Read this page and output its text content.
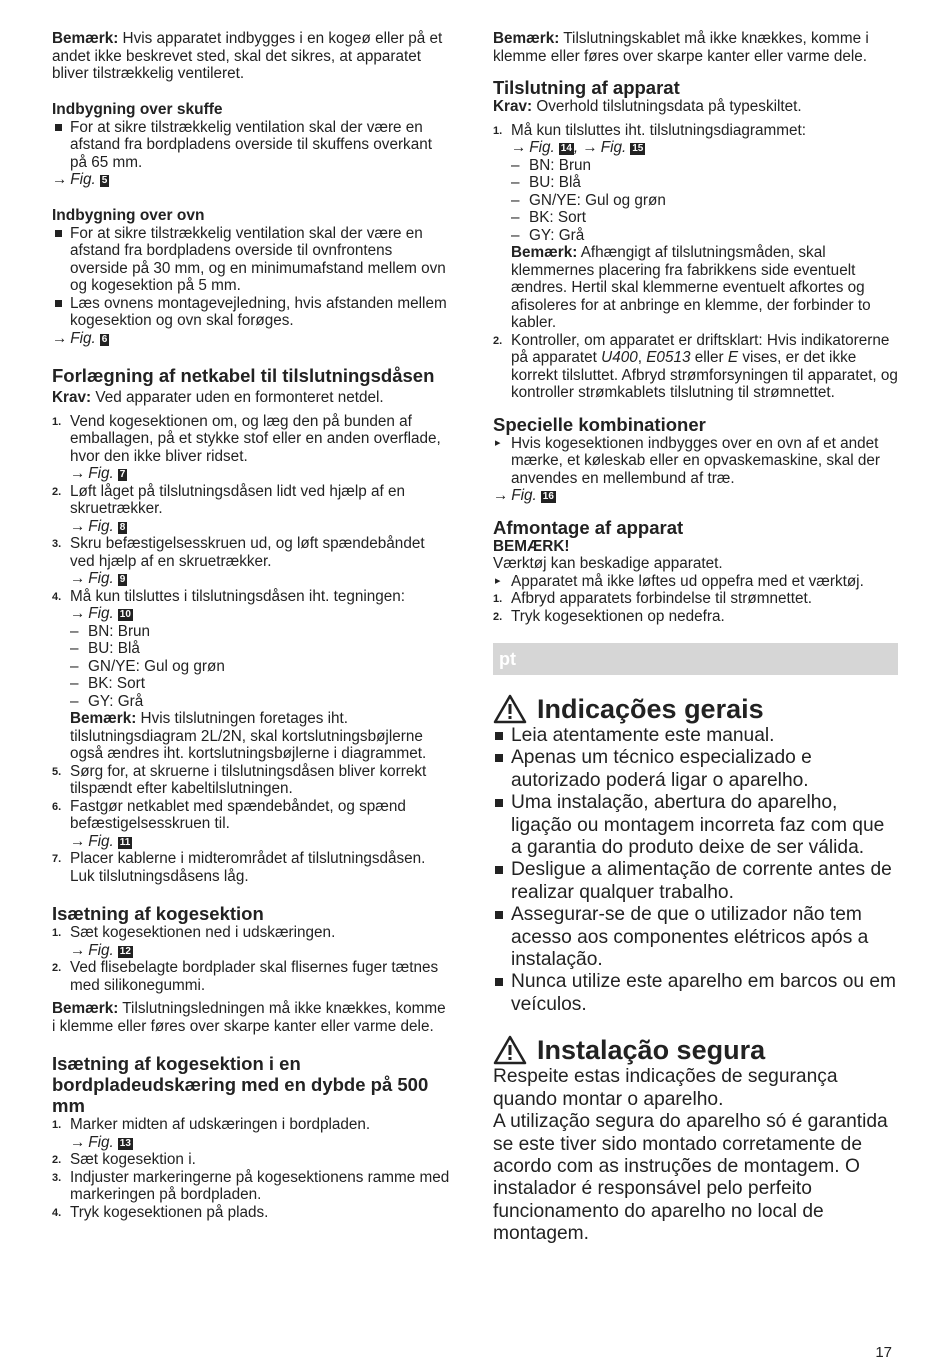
Bemærk: Hvis apparatet indbygges i en kogeø eller på et andet ikke beskrevet sted, skal det sikres, at apparatet bliver tilstrækkelig ventileret.

Indbygning over skuffe

For at sikre tilstrækkelig ventilation skal der være en afstand fra bordpladens overside til skuffens overkant på 65 mm.

→ Fig. 5

Indbygning over ovn

For at sikre tilstrækkelig ventilation skal der være en afstand fra bordpladens overside til ovnfrontens overside på 30 mm, og en minimumafstand mellem ovn og kogesektion på 5 mm.
Læs ovnens montagevejledning, hvis afstanden mellem kogesektion og ovn skal forøges.

→ Fig. 6

Forlægning af netkabel til tilslutningsdåsen

Krav: Ved apparater uden en formonteret netdel.

1. Vend kogesektionen om, og læg den på bunden af emballagen, på et stykke stof eller en anden overflade, hvor den ikke bliver ridset.
→ Fig. 7
2. Løft låget på tilslutningsdåsen lidt ved hjælp af en skruetrækker.
→ Fig. 8
3. Skru befæstigelsesskruen ud, og løft spændebåndet ved hjælp af en skruetrækker.
→ Fig. 9
4. Må kun tilsluttes i tilslutningsdåsen iht. tegningen:
→ Fig. 10
– BN: Brun
– BU: Blå
– GN/YE: Gul og grøn
– BK: Sort
– GY: Grå

Bemærk: Hvis tilslutningen foretages iht. tilslutningsdiagram 2L/2N, skal kortslutningsbøjlerne også ændres iht. kortslutningsbøjlerne i diagrammet.

5. Sørg for, at skruerne i tilslutningsdåsen bliver korrekt tilspændt efter kabeltilslutningen.
6. Fastgør netkablet med spændebåndet, og spænd befæstigelsesskruen til.
→ Fig. 11
7. Placer kablerne i midterområdet af tilslutningsdåsen. Luk tilslutningsdåsens låg.

Isætning af kogesektion

1. Sæt kogesektionen ned i udskæringen.
→ Fig. 12
2. Ved flisebelagte bordplader skal flisernes fuger tætnes med silikonegummi.

Bemærk: Tilslutningsledningen må ikke knækkes, komme i klemme eller føres over skarpe kanter eller varme dele.

Isætning af kogesektion i en bordpladeudskæring med en dybde på 500 mm

1. Marker midten af udskæringen i bordpladen.
→ Fig. 13
2. Sæt kogesektion i.
3. Indjuster markeringerne på kogesektionens ramme med markeringen på bordpladen.
4. Tryk kogesektionen på plads.

Bemærk: Tilslutningskablet må ikke knækkes, komme i klemme eller føres over skarpe kanter eller varme dele.

Tilslutning af apparat

Krav: Overhold tilslutningsdata på typeskiltet.

1. Må kun tilsluttes iht. tilslutningsdiagrammet:
→ Fig. 14 , → Fig. 15
– BN: Brun
– BU: Blå
– GN/YE: Gul og grøn
– BK: Sort
– GY: Grå

Bemærk: Afhængigt af tilslutningsmåden, skal klemmernes placering fra fabrikkens side eventuelt ændres. Hertil skal klemmerne eventuelt afkortes og afisoleres for at anbringe en klemme, der forbinder to kabler.

2. Kontroller, om apparatet er driftsklart: Hvis indikatorerne på apparatet U400, E0513 eller E vises, er det ikke korrekt tilsluttet. Afbryd strømforsyningen til apparatet, og kontroller strømkablets tilslutning til strømnettet.

Specielle kombinationer

▸ Hvis kogesektionen indbygges over en ovn af et andet mærke, et køleskab eller en opvaskemaskine, skal der anvendes en mellembund af træ.

→ Fig. 16

Afmontage af apparat

BEMÆRK!

Værktøj kan beskadige apparatet.

▸ Apparatet må ikke løftes ud oppefra med et værktøj.
1. Afbryd apparatets forbindelse til strømnettet.
2. Tryk kogesektionen op nedefra.
pt

Indicações gerais

Leia atentamente este manual.
Apenas um técnico especializado e autorizado poderá ligar o aparelho.
Uma instalação, abertura do aparelho, ligação ou montagem incorreta faz com que a garantia do produto deixe de ser válida.
Desligue a alimentação de corrente antes de realizar qualquer trabalho.
Assegurar-se de que o utilizador não tem acesso aos componentes elétricos após a instalação.
Nunca utilize este aparelho em barcos ou em veículos.

Instalação segura

Respeite estas indicações de segurança quando montar o aparelho.

A utilização segura do aparelho só é garantida se este tiver sido montado corretamente de acordo com as instruções de montagem. O instalador é responsável pelo perfeito funcionamento do aparelho no local de montagem.

17
